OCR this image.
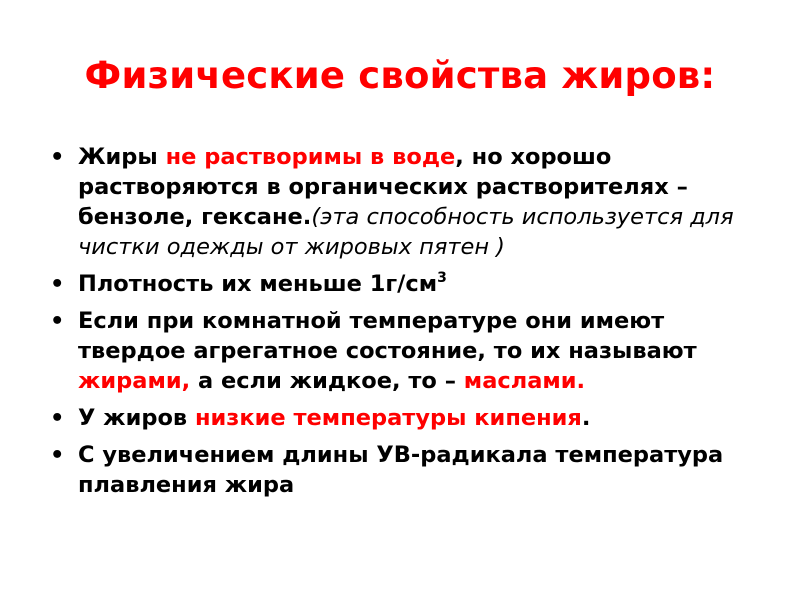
Физические свойства жиров:
• Жиры не растворимы в воде, но хорошо растворяются в органических растворителях – бензоле, гексане.(эта способность используется для чистки одежды от жировых пятен )
• Плотность их меньше $1г/см^3$
• Если при комнатной температуре они имеют твердое агрегатное состояние, то их называют жирами, а если жидкое, то – маслами.
• У жиров низкие температуры кипения.
• С увеличением длины УВ-радикала температура плавления жира
